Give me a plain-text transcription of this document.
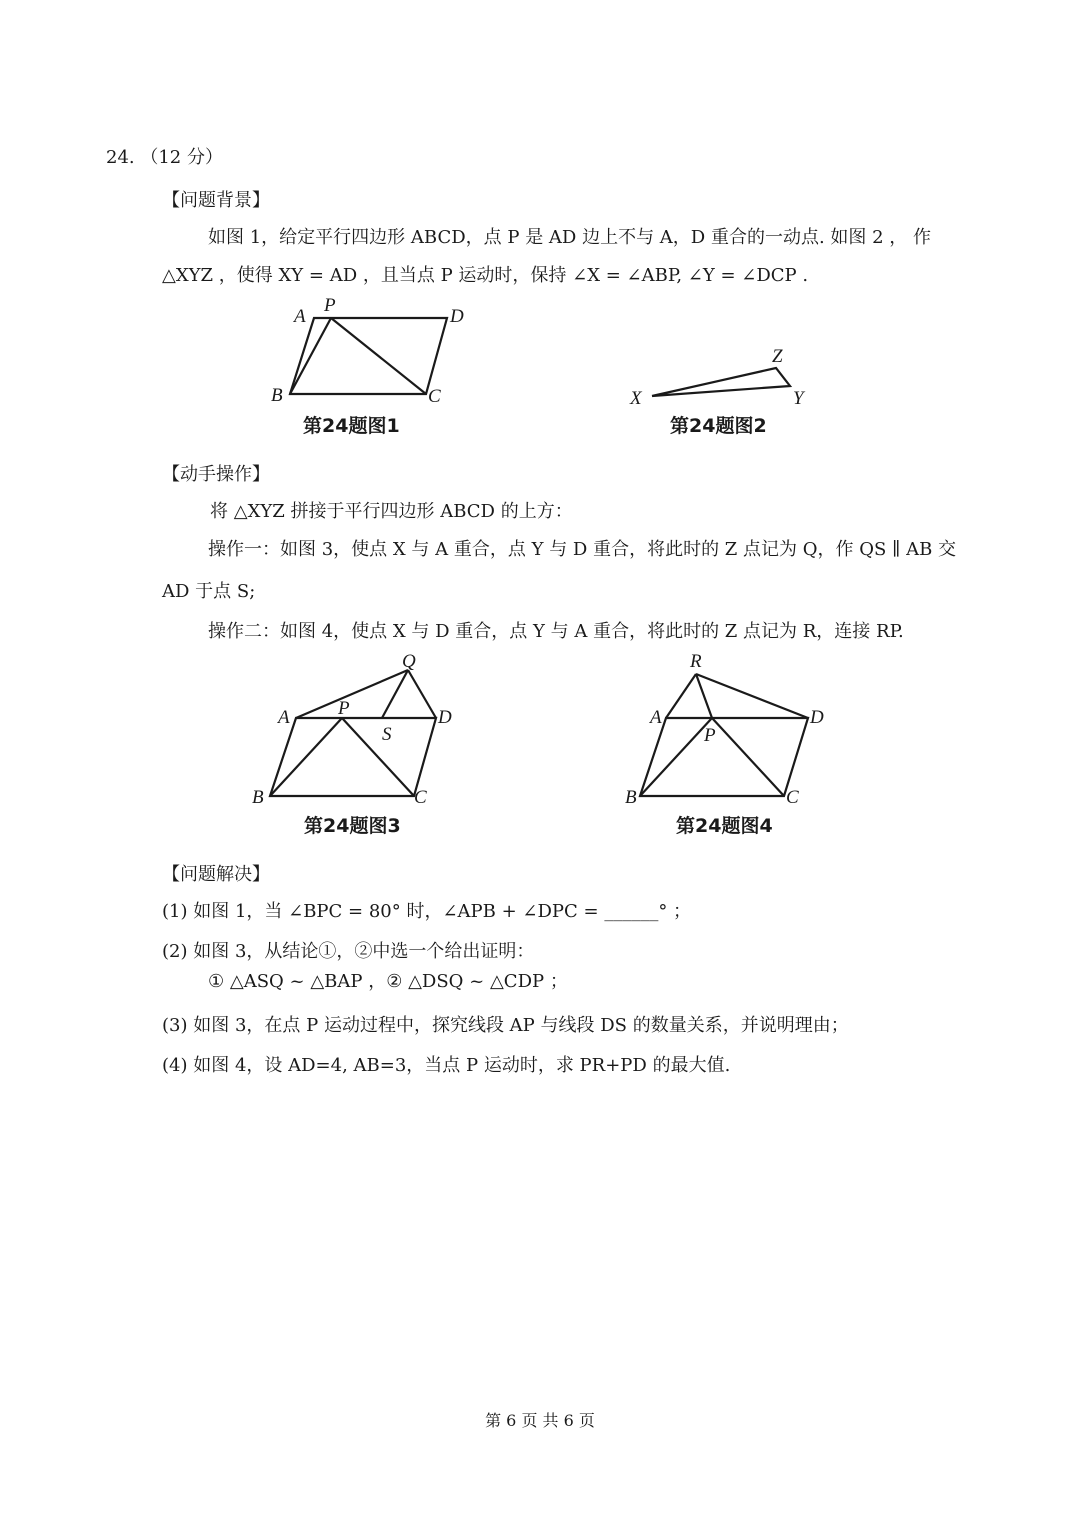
24. （12 分）
【问题背景】
如图 1，给定平行四边形 ABCD，点 P 是 AD 边上不与 A，D 重合的一动点. 如图 2 ， 作
△XYZ ，使得 XY = AD ，且当点 P 运动时，保持 ∠X = ∠ABP, ∠Y = ∠DCP .
A
P
D
B	C
第24题图1
X
Z
Y
第24题图2
【动手操作】
将 △XYZ 拼接于平行四边形 ABCD 的上方：
操作一：如图 3，使点 X 与 A 重合，点 Y 与 D 重合，将此时的 Z 点记为 Q，作 QS ∥ AB 交
AD 于点 S;
操作二：如图 4，使点 X 与 D 重合，点 Y 与 A 重合，将此时的 Z 点记为 R，连接 RP.
Q
A	P
S
D
B	C
第24题图3
R
A
P
D
B	C
第24题图4
【问题解决】
(1) 如图 1，当 ∠BPC = 80° 时，∠APB + ∠DPC = ______° ；
(2) 如图 3，从结论①，②中选一个给出证明：
① △ASQ ~ △BAP ，② △DSQ ~ △CDP ；
(3) 如图 3，在点 P 运动过程中，探究线段 AP 与线段 DS 的数量关系，并说明理由；
(4) 如图 4，设 AD=4, AB=3，当点 P 运动时，求 PR+PD 的最大值.
第 6 页 共 6 页
